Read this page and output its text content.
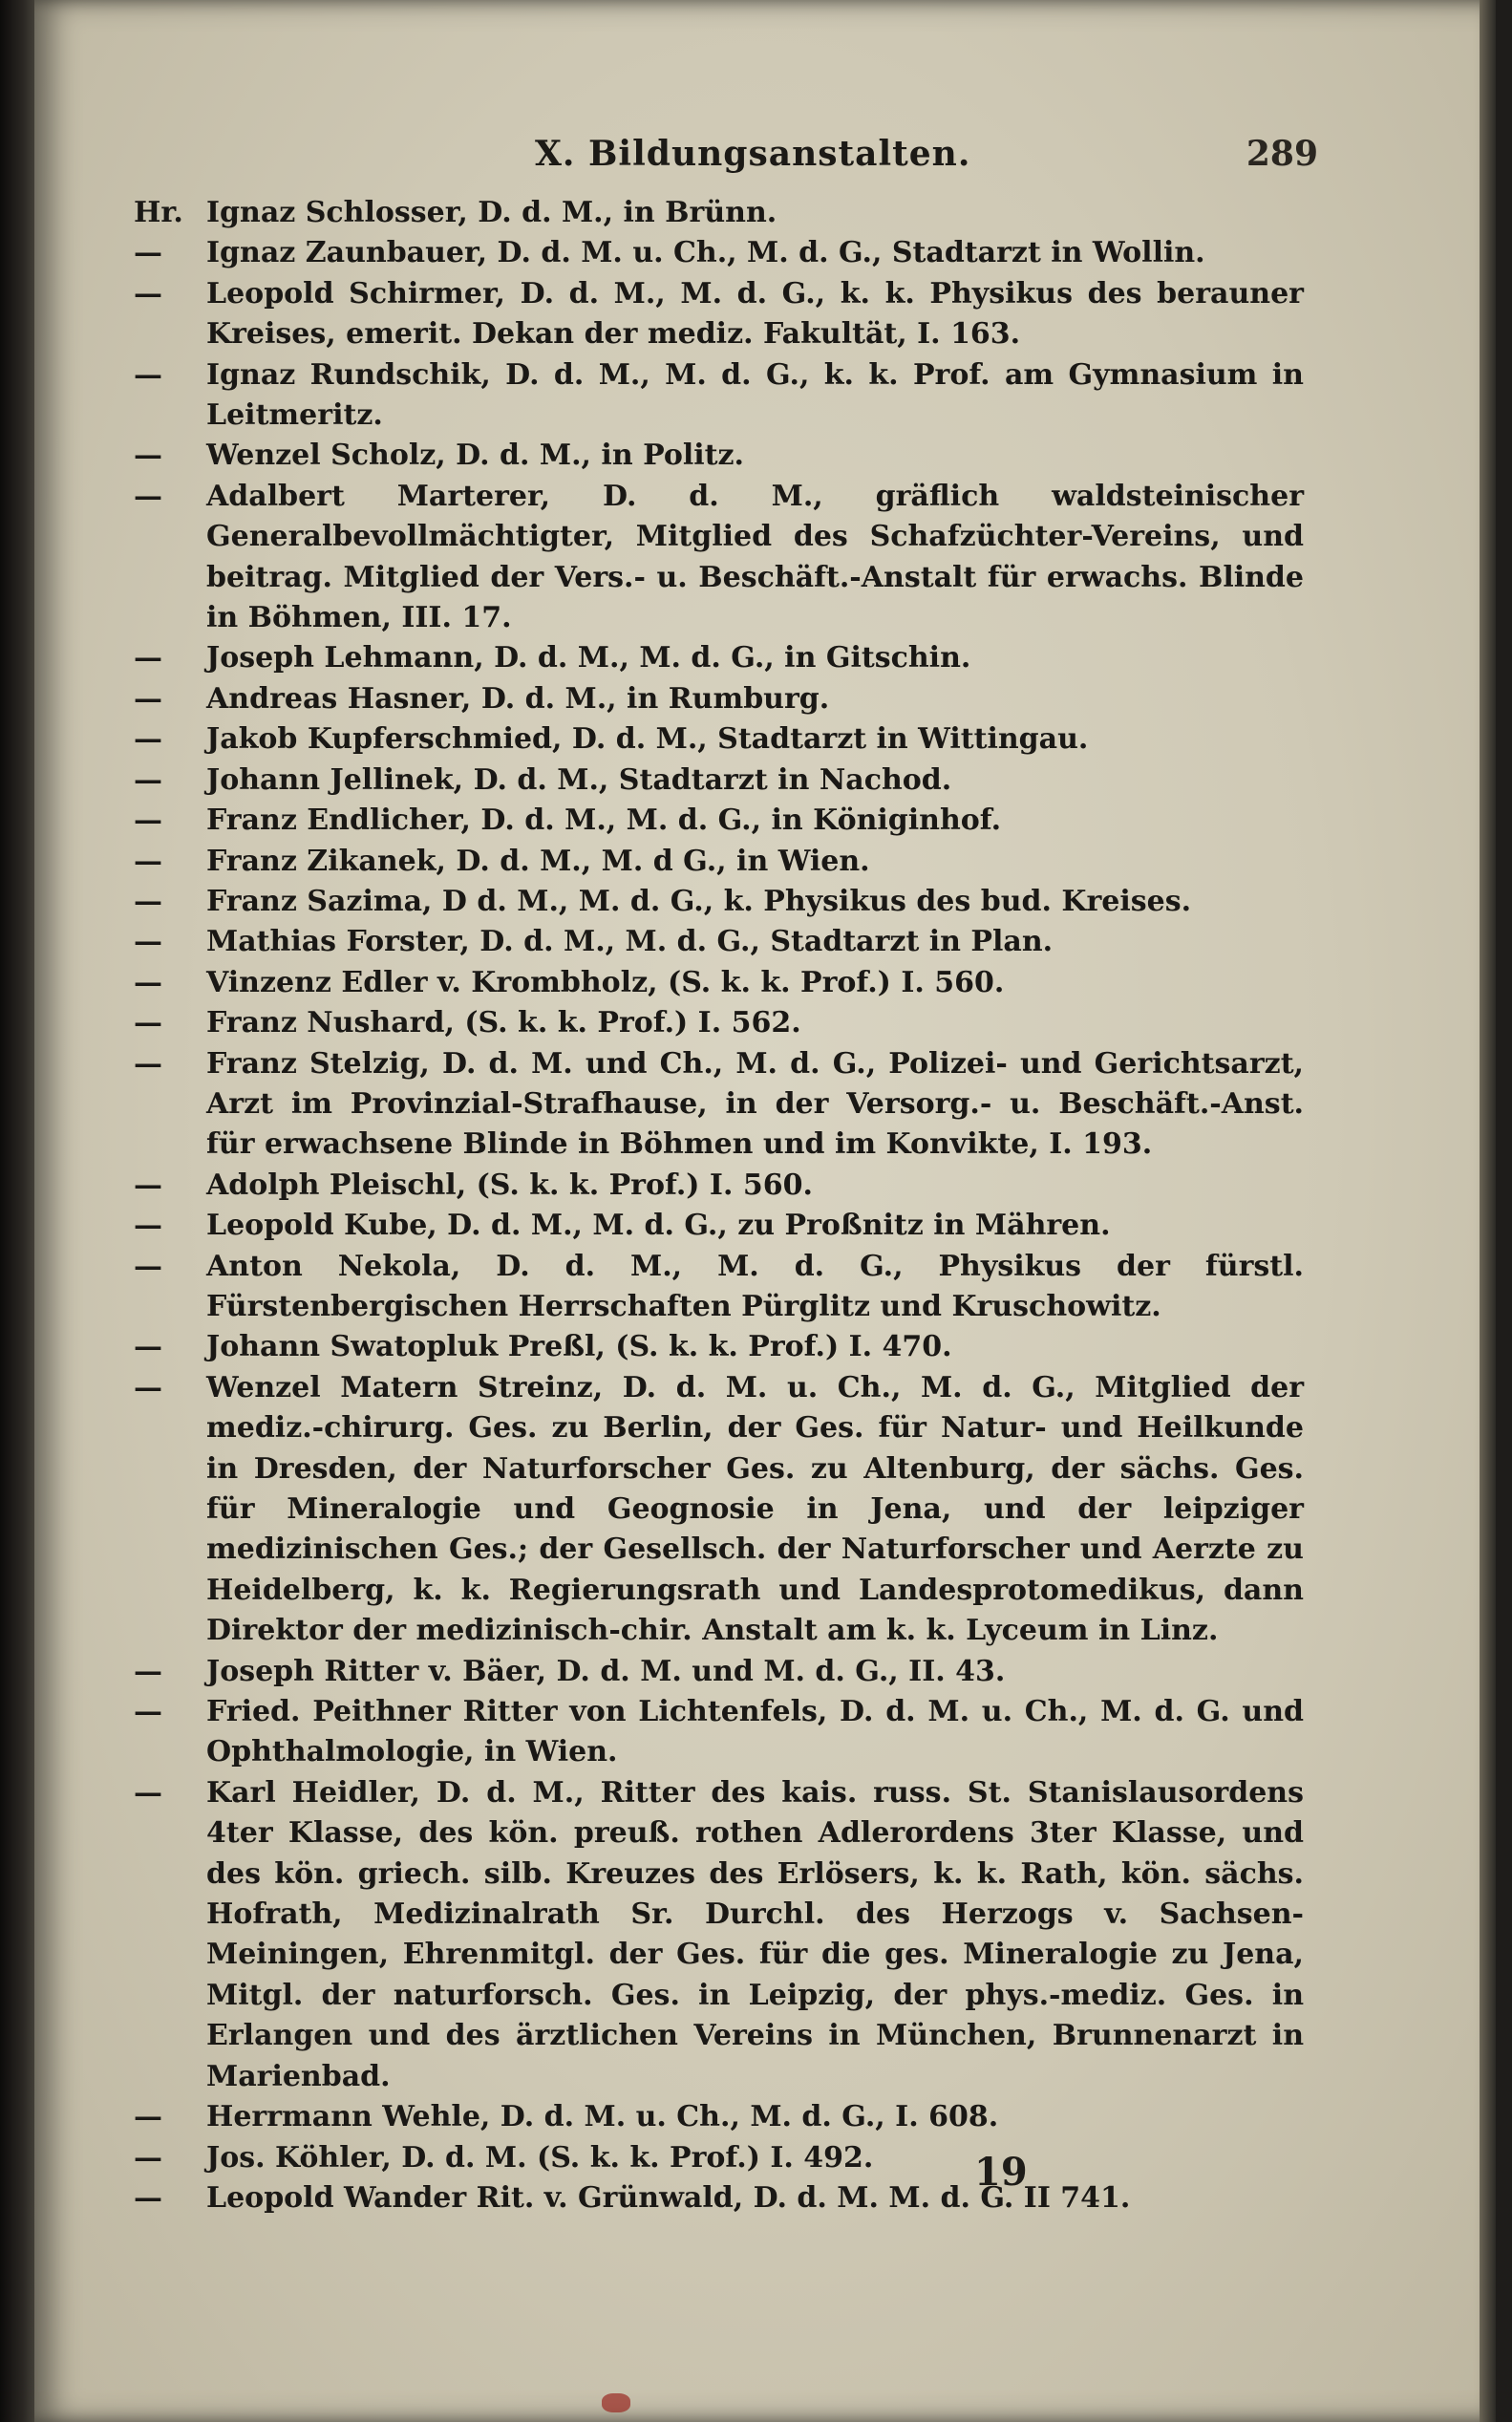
X. Bildungsanstalten.	289
Hr. Ignaz Schlosser, D. d. M., in Brünn.
— Ignaz Zaunbauer, D. d. M. u. Ch., M. d. G., Stadtarzt in Wollin.
— Leopold Schirmer, D. d. M., M. d. G., k. k. Physikus des berauner Kreises, emerit. Dekan der mediz. Fakultät, I. 163.
— Ignaz Rundschik, D. d. M., M. d. G., k. k. Prof. am Gymnasium in Leitmeritz.
— Wenzel Scholz, D. d. M., in Politz.
— Adalbert Marterer, D. d. M., gräflich waldsteinischer Generalbevollmächtigter, Mitglied des Schafzüchter-Vereins, und beitrag. Mitglied der Vers.- u. Beschäft.-Anstalt für erwachs. Blinde in Böhmen, III. 17.
— Joseph Lehmann, D. d. M., M. d. G., in Gitschin.
— Andreas Hasner, D. d. M., in Rumburg.
— Jakob Kupferschmied, D. d. M., Stadtarzt in Wittingau.
— Johann Jellinek, D. d. M., Stadtarzt in Nachod.
— Franz Endlicher, D. d. M., M. d. G., in Königinhof.
— Franz Zikanek, D. d. M., M. d G., in Wien.
— Franz Sazima, D d. M., M. d. G., k. Physikus des bud. Kreises.
— Mathias Forster, D. d. M., M. d. G., Stadtarzt in Plan.
— Vinzenz Edler v. Krombholz, (S. k. k. Prof.) I. 560.
— Franz Nushard, (S. k. k. Prof.) I. 562.
— Franz Stelzig, D. d. M. und Ch., M. d. G., Polizei- und Gerichtsarzt, Arzt im Provinzial-Strafhause, in der Versorg.- u. Beschäft.-Anst. für erwachsene Blinde in Böhmen und im Konvikte, I. 193.
— Adolph Pleischl, (S. k. k. Prof.) I. 560.
— Leopold Kube, D. d. M., M. d. G., zu Proßnitz in Mähren.
— Anton Nekola, D. d. M., M. d. G., Physikus der fürstl. Fürstenbergischen Herrschaften Pürglitz und Kruschowitz.
— Johann Swatopluk Preßl, (S. k. k. Prof.) I. 470.
— Wenzel Matern Streinz, D. d. M. u. Ch., M. d. G., Mitglied der mediz.-chirurg. Ges. zu Berlin, der Ges. für Natur- und Heilkunde in Dresden, der Naturforscher Ges. zu Altenburg, der sächs. Ges. für Mineralogie und Geognosie in Jena, und der leipziger medizinischen Ges.; der Gesellsch. der Naturforscher und Aerzte zu Heidelberg, k. k. Regierungsrath und Landesprotomedikus, dann Direktor der medizinisch-chir. Anstalt am k. k. Lyceum in Linz.
— Joseph Ritter v. Bäer, D. d. M. und M. d. G., II. 43.
— Fried. Peithner Ritter von Lichtenfels, D. d. M. u. Ch., M. d. G. und Ophthalmologie, in Wien.
— Karl Heidler, D. d. M., Ritter des kais. russ. St. Stanislausordens 4ter Klasse, des kön. preuß. rothen Adlerordens 3ter Klasse, und des kön. griech. silb. Kreuzes des Erlösers, k. k. Rath, kön. sächs. Hofrath, Medizinalrath Sr. Durchl. des Herzogs v. Sachsen-Meiningen, Ehrenmitgl. der Ges. für die ges. Mineralogie zu Jena, Mitgl. der naturforsch. Ges. in Leipzig, der phys.-mediz. Ges. in Erlangen und des ärztlichen Vereins in München, Brunnenarzt in Marienbad.
— Herrmann Wehle, D. d. M. u. Ch., M. d. G., I. 608.
— Jos. Köhler, D. d. M. (S. k. k. Prof.) I. 492.
— Leopold Wander Rit. v. Grünwald, D. d. M. M. d. G. II 741.
19
